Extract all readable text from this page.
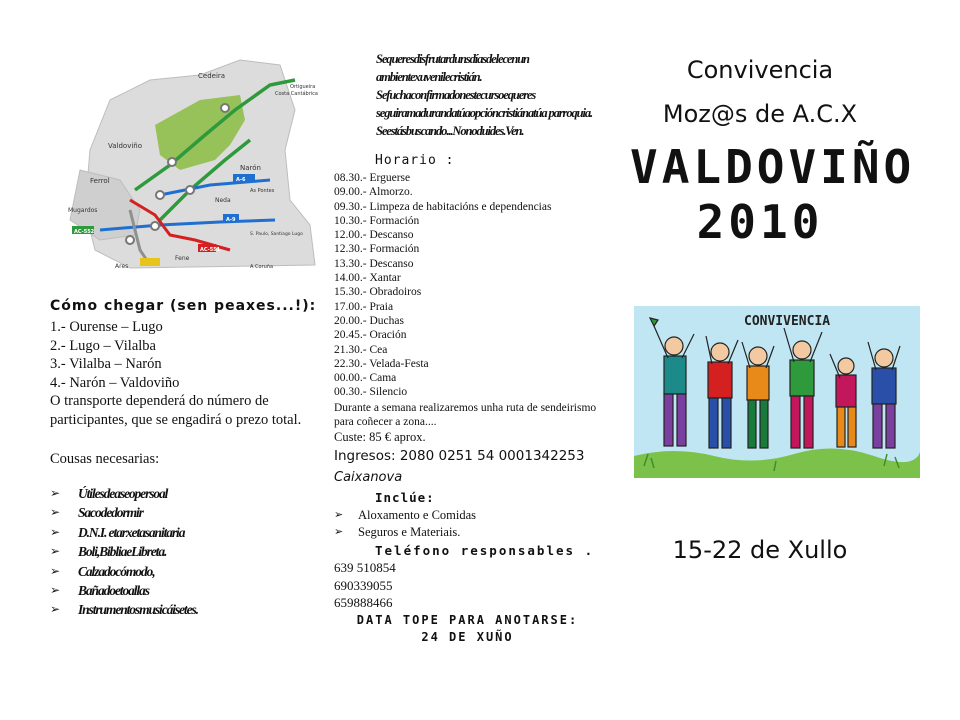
Cedeira
Ortigueira
Costa Cantábrica
Valdoviño
Narón
Ferrol
As Pontes
Neda
Mugardos
S. Paulo, Santiago Lugo
Ares
Fene
A Coruña
A-6
A-9
AC-552
AC-551
Cómo chegar (sen peaxes...!):
1.- Ourense – Lugo
2.- Lugo – Vilalba
3.- Vilalba – Narón
4.- Narón – Valdoviño
O transporte dependerá do número de participantes, que se engadirá o prezo total.
Cousas necesarias:
➢	Útilesdeaseopersoal
➢	Sacodedormir
➢	D.N.I. etarxetasanitaria
➢	Boli,BibliaeLibreta.
➢	Calzadocómodo,
➢	Bañadoetoallas
➢	Instrumentosmusicáisetes.

Sequeresdisfrutardunsdíasdelecenun ambientexuvenilecristián.

Sefuchaconfirmadonestecursoequeres seguiramadurandatúaopcióncristiánatúa parroquia.

Seestásbuscando...Nonoduides.Ven.

Horario :
08.30.- Erguerse
09.00.- Almorzo.
09.30.- Limpeza de habitacións e dependencias
10.30.- Formación
12.00.- Descanso
12.30.- Formación
13.30.- Descanso
14.00.- Xantar
15.30.- Obradoiros
17.00.- Praia
20.00.- Duchas
20.45.- Oración
21.30.- Cea
22.30.- Velada-Festa
00.00.- Cama
00.30.- Silencio
Durante a semana realizaremos unha ruta de sendeirismo para coñecer a zona....
Custe: 85 € aprox.
Ingresos: 2080 0251 54 0001342253
Caixanova
Inclúe:
➢	Aloxamento e Comidas
➢	Seguros e Materiais.
Teléfono responsables .
639 510854
690339055
659888466
DATA TOPE PARA ANOTARSE:
24 DE XUÑO
Convivencia
Moz@s de A.C.X
VALDOVIÑO
2010
CONVIVENCIA
15-22 de Xullo
